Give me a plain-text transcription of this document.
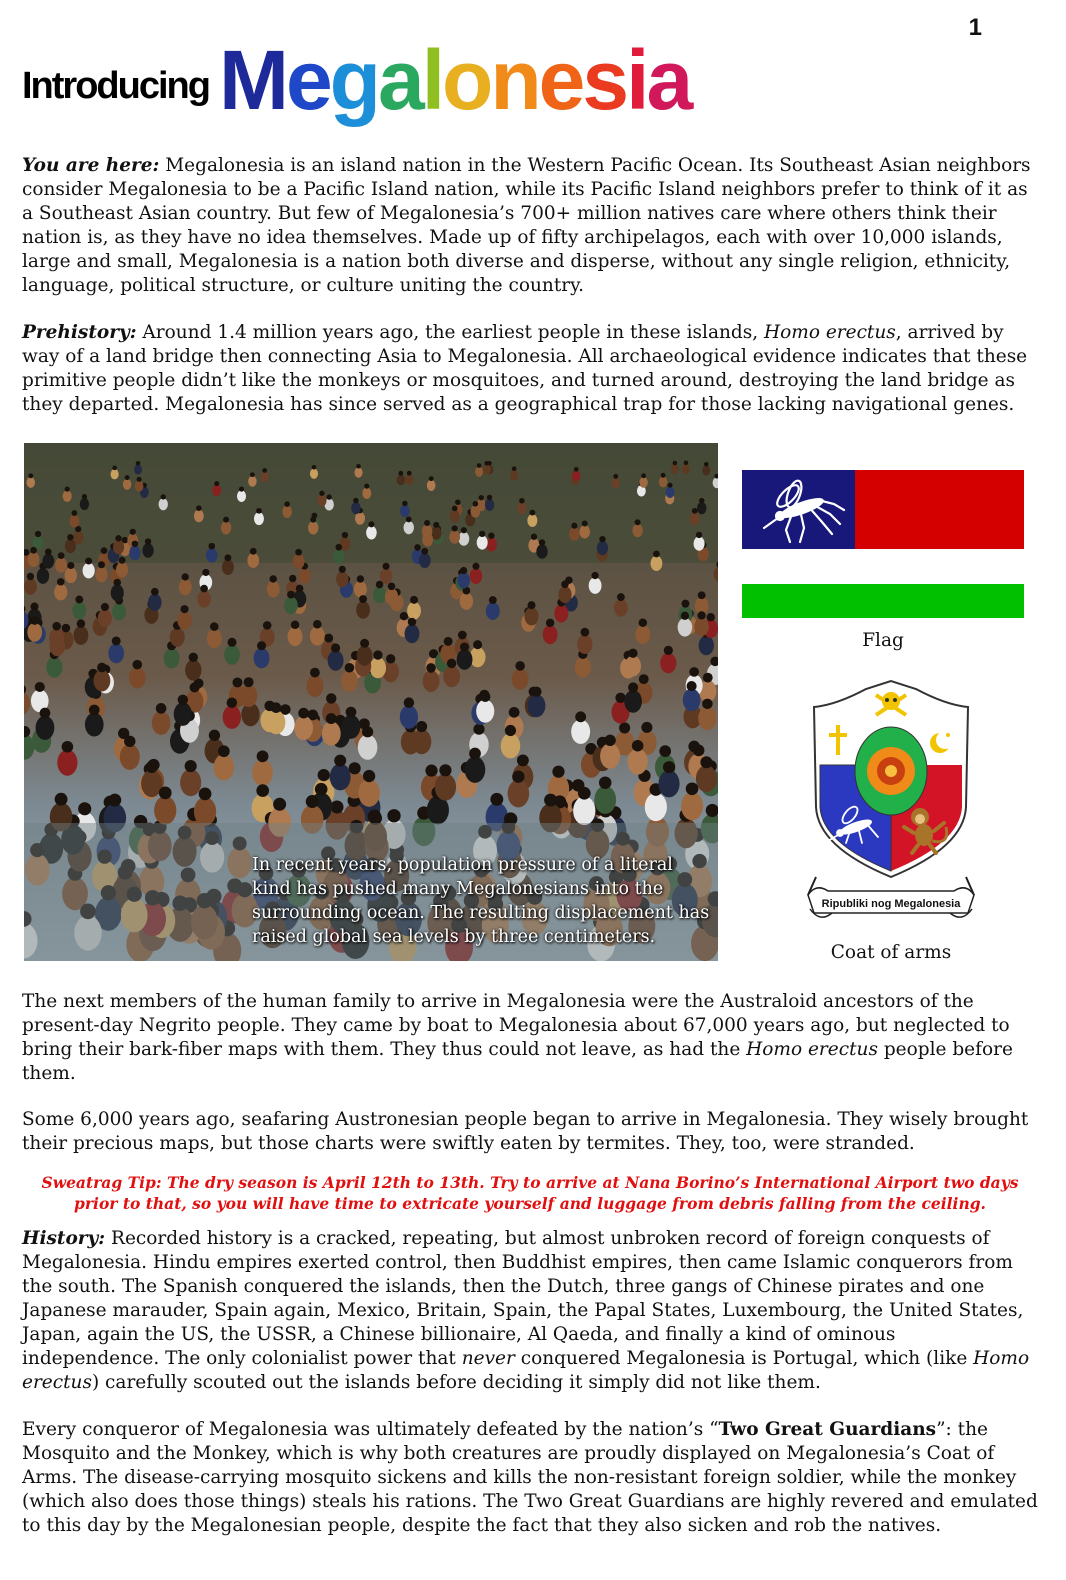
1
Introducing Megalonesia

You are here: Megalonesia is an island nation in the Western Pacific Ocean. Its Southeast Asian neighbors consider Megalonesia to be a Pacific Island nation, while its Pacific Island neighbors prefer to think of it as a Southeast Asian country. But few of Megalonesia’s 700+ million natives care where others think their nation is, as they have no idea themselves. Made up of fifty archipelagos, each with over 10,000 islands, large and small, Megalonesia is a nation both diverse and disperse, without any single religion, ethnicity, language, political structure, or culture uniting the country.

Prehistory: Around 1.4 million years ago, the earliest people in these islands, Homo erectus, arrived by way of a land bridge then connecting Asia to Megalonesia. All archaeological evidence indicates that these primitive people didn’t like the monkeys or mosquitoes, and turned around, destroying the land bridge as they departed. Megalonesia has since served as a geographical trap for those lacking navigational genes.

In recent years, population pressure of a literal kind has pushed many Megalonesians into the surrounding ocean. The resulting displacement has raised global sea levels by three centimeters.
Flag
Ripubliki nog Megalonesia
Coat of arms

The next members of the human family to arrive in Megalonesia were the Australoid ancestors of the present-day Negrito people. They came by boat to Megalonesia about 67,000 years ago, but neglected to bring their bark-fiber maps with them. They thus could not leave, as had the Homo erectus people before them.

Some 6,000 years ago, seafaring Austronesian people began to arrive in Megalonesia. They wisely brought their precious maps, but those charts were swiftly eaten by termites. They, too, were stranded.

Sweatrag Tip: The dry season is April 12th to 13th. Try to arrive at Nana Borino’s International Airport two days prior to that, so you will have time to extricate yourself and luggage from debris falling from the ceiling.

History: Recorded history is a cracked, repeating, but almost unbroken record of foreign conquests of Megalonesia. Hindu empires exerted control, then Buddhist empires, then came Islamic conquerors from the south. The Spanish conquered the islands, then the Dutch, three gangs of Chinese pirates and one Japanese marauder, Spain again, Mexico, Britain, Spain, the Papal States, Luxembourg, the United States, Japan, again the US, the USSR, a Chinese billionaire, Al Qaeda, and finally a kind of ominous independence. The only colonialist power that never conquered Megalonesia is Portugal, which (like Homo erectus) carefully scouted out the islands before deciding it simply did not like them.

Every conqueror of Megalonesia was ultimately defeated by the nation’s “Two Great Guardians”: the Mosquito and the Monkey, which is why both creatures are proudly displayed on Megalonesia’s Coat of Arms. The disease-carrying mosquito sickens and kills the non-resistant foreign soldier, while the monkey (which also does those things) steals his rations. The Two Great Guardians are highly revered and emulated to this day by the Megalonesian people, despite the fact that they also sicken and rob the natives.
